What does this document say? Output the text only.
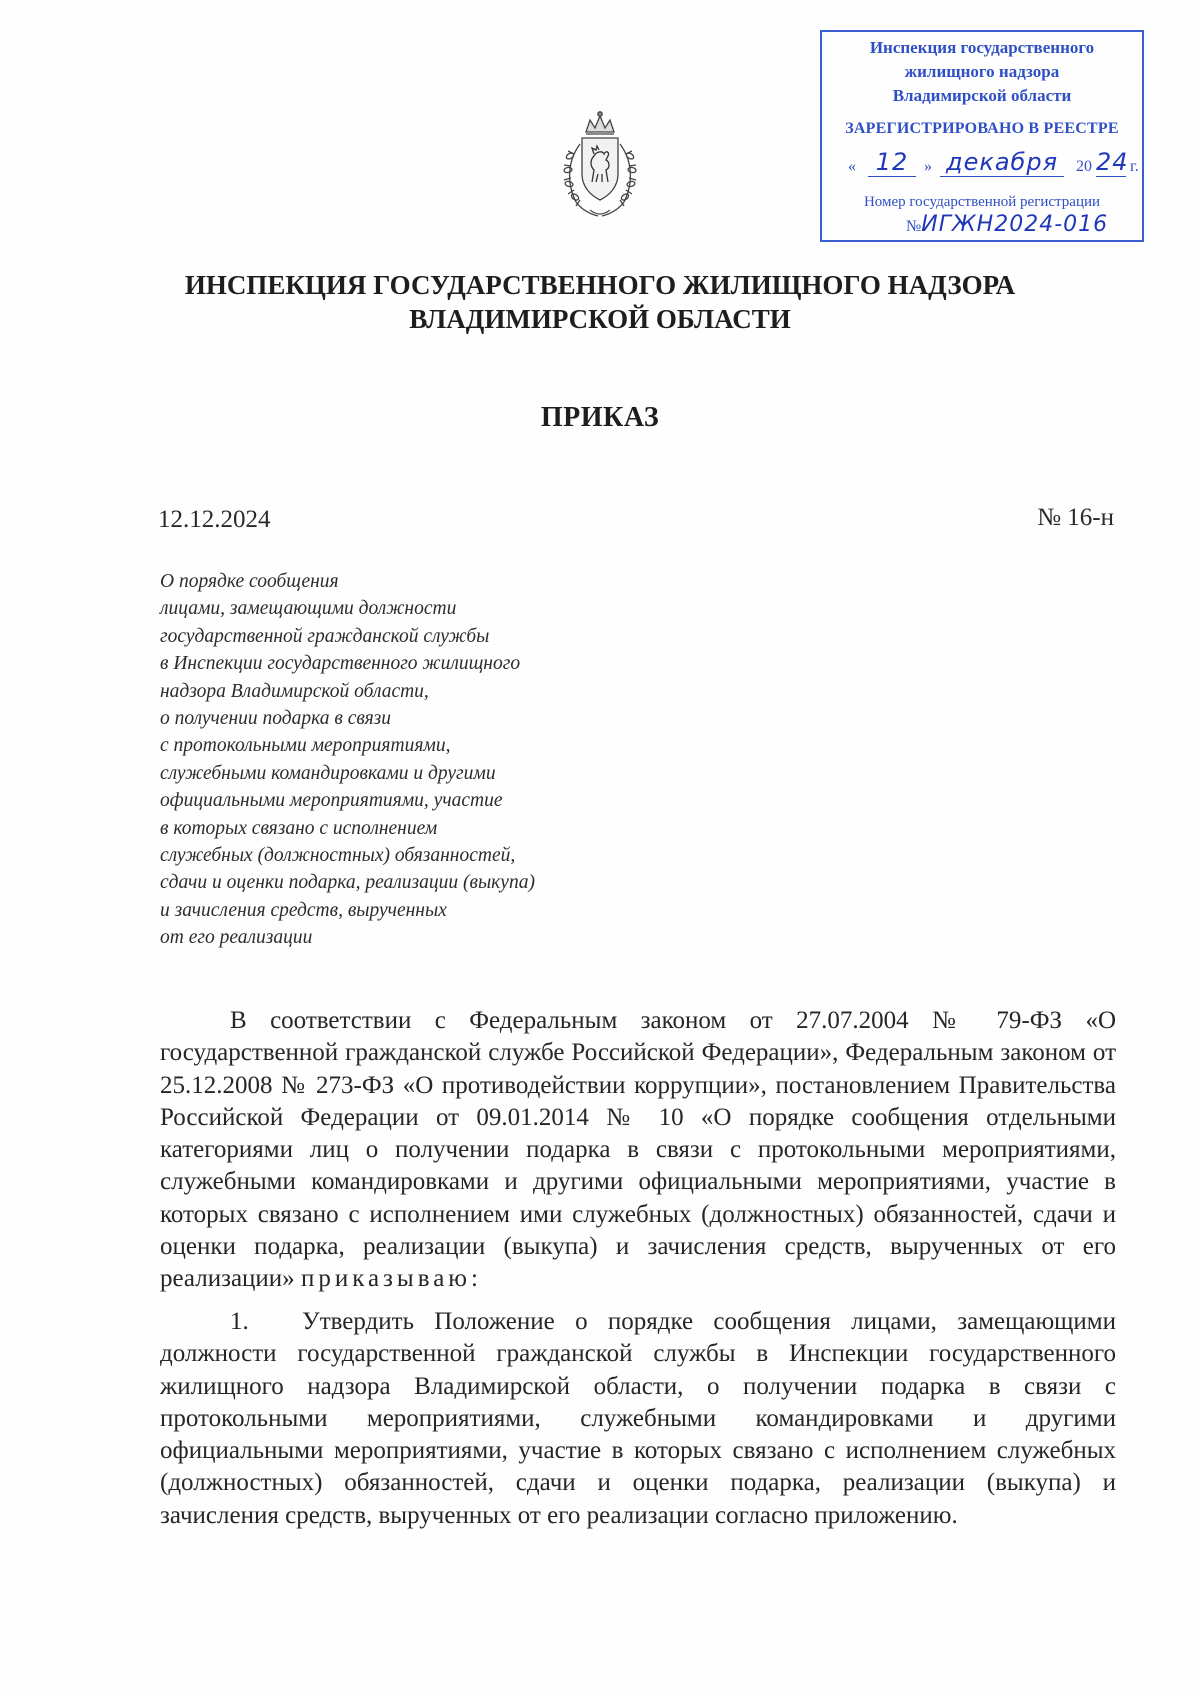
Инспекция государственного
жилищного надзора
Владимирской области
ЗАРЕГИСТРИРОВАНО В РЕЕСТРЕ
« 12 » декабря	20 24 г.
Номер государственной регистрации
№ИГЖН2024-016
ИНСПЕКЦИЯ ГОСУДАРСТВЕННОГО ЖИЛИЩНОГО НАДЗОРА
ВЛАДИМИРСКОЙ ОБЛАСТИ
ПРИКАЗ
12.12.2024	№ 16-н
О порядке сообщения
лицами, замещающими должности
государственной гражданской службы
в Инспекции государственного жилищного
надзора Владимирской области,
о получении подарка в связи
с протокольными мероприятиями,
служебными командировками и другими
официальными мероприятиями, участие
в которых связано с исполнением
служебных (должностных) обязанностей,
сдачи и оценки подарка, реализации (выкупа)
и зачисления средств, вырученных
от его реализации
В соответствии с Федеральным законом от 27.07.2004 № 79-ФЗ «О государственной гражданской службе Российской Федерации», Федеральным законом от 25.12.2008 № 273-ФЗ «О противодействии коррупции», постановлением Правительства Российской Федерации от 09.01.2014 № 10 «О порядке сообщения отдельными категориями лиц о получении подарка в связи с протокольными мероприятиями, служебными командировками и другими официальными мероприятиями, участие в которых связано с исполнением ими служебных (должностных) обязанностей, сдачи и оценки подарка, реализации (выкупа) и зачисления средств, вырученных от его реализации» приказываю:
1. Утвердить Положение о порядке сообщения лицами, замещающими должности государственной гражданской службы в Инспекции государственного жилищного надзора Владимирской области, о получении подарка в связи с протокольными мероприятиями, служебными командировками и другими официальными мероприятиями, участие в которых связано с исполнением служебных (должностных) обязанностей, сдачи и оценки подарка, реализации (выкупа) и зачисления средств, вырученных от его реализации согласно приложению.
